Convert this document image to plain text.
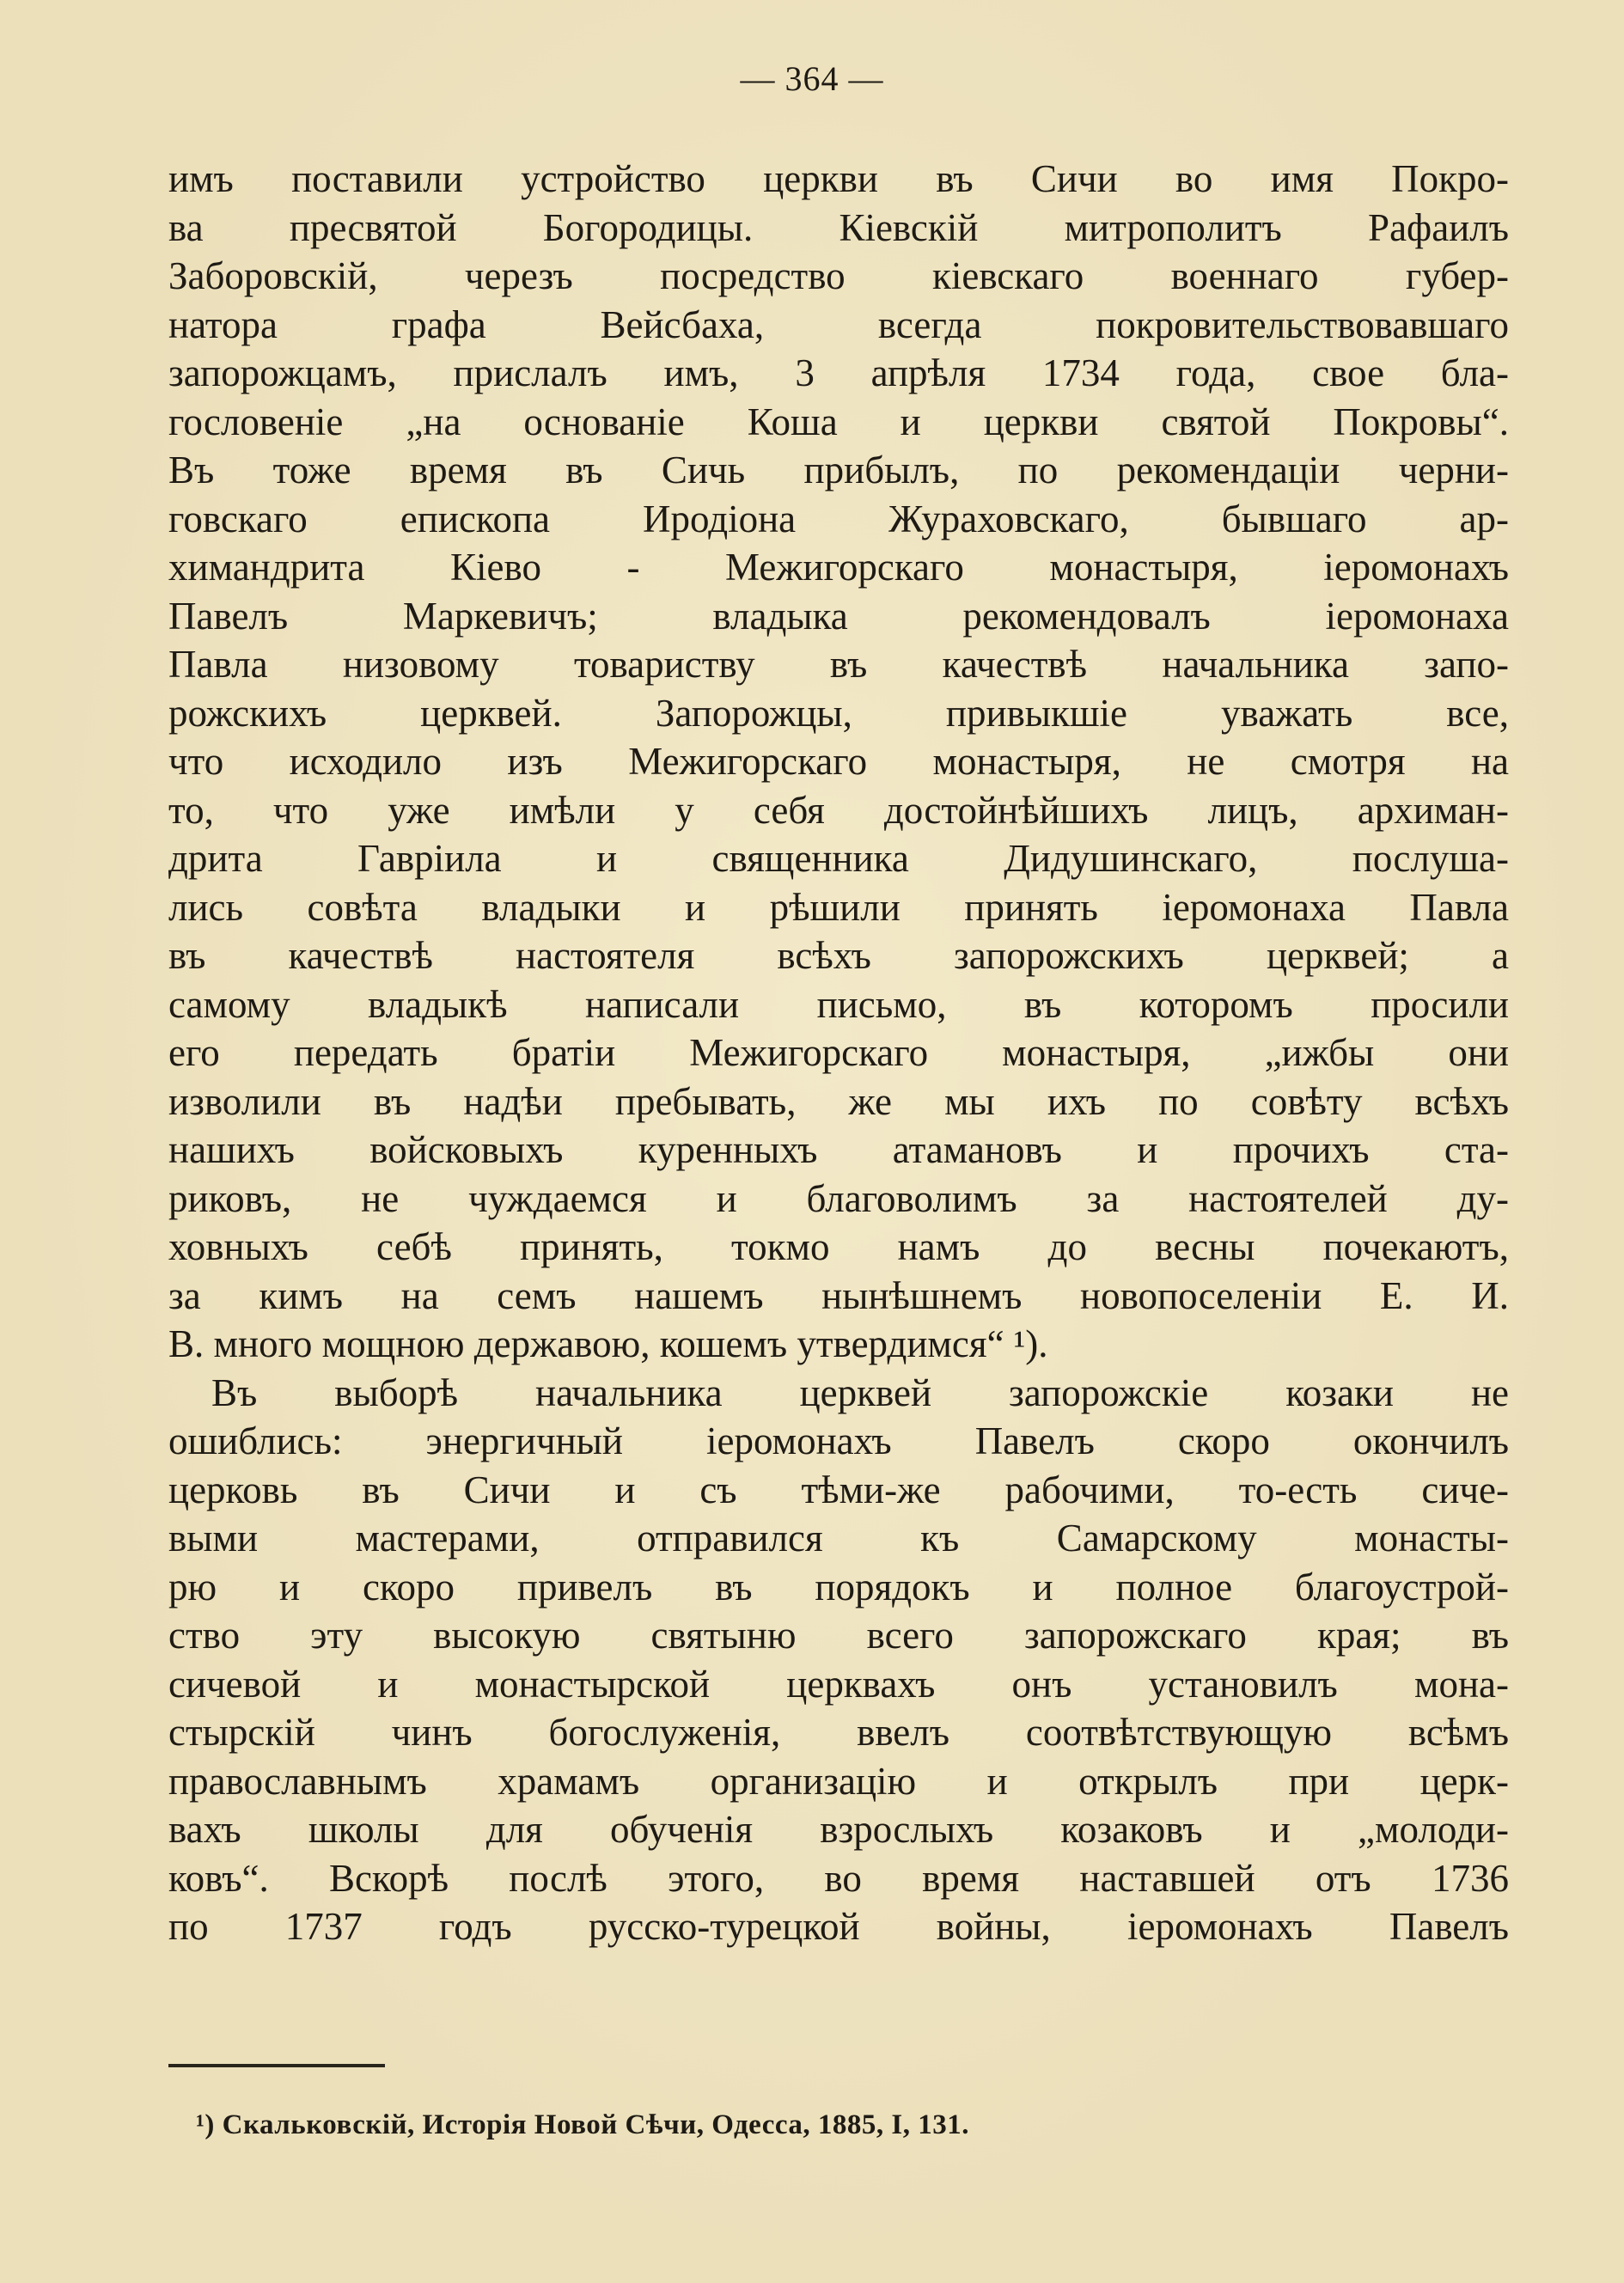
— 364 —
имъ поставили устройство церкви въ Сичи во имя Покро-
ва пресвятой Богородицы. Кіевскій митрополитъ Рафаилъ
Заборовскій, черезъ посредство кіевскаго военнаго губер-
натора графа Вейсбаха, всегда покровительствовавшаго
запорожцамъ, прислалъ имъ, 3 апрѣля 1734 года, свое бла-
гословеніе „на основаніе Коша и церкви святой Покровы“.
Въ тоже время въ Сичь прибылъ, по рекомендаціи черни-
говскаго епископа Иродіона Жураховскаго, бывшаго ар-
химандрита Кіево - Межигорскаго монастыря, іеромонахъ
Павелъ Маркевичъ; владыка рекомендовалъ іеромонаха
Павла низовому товариству въ качествѣ начальника запо-
рожскихъ церквей. Запорожцы, привыкшіе уважать все,
что исходило изъ Межигорскаго монастыря, не смотря на
то, что уже имѣли у себя достойнѣйшихъ лицъ, архиман-
дрита Гавріила и священника Дидушинскаго, послуша-
лись совѣта владыки и рѣшили принять іеромонаха Павла
въ качествѣ настоятеля всѣхъ запорожскихъ церквей; а
самому владыкѣ написали письмо, въ которомъ просили
его передать братіи Межигорскаго монастыря, „ижбы они
изволили въ надѣи пребывать, же мы ихъ по совѣту всѣхъ
нашихъ войсковыхъ куренныхъ атамановъ и прочихъ ста-
риковъ, не чуждаемся и благоволимъ за настоятелей ду-
ховныхъ себѣ принять, токмо намъ до весны почекаютъ,
за кимъ на семъ нашемъ нынѣшнемъ новопоселеніи Е. И.
В. много мощною державою, кошемъ утвердимся“ ¹).
Въ выборѣ начальника церквей запорожскіе козаки не
ошиблись: энергичный іеромонахъ Павелъ скоро окончилъ
церковь въ Сичи и съ тѣми-же рабочими, то-есть сиче-
выми мастерами, отправился къ Самарскому монасты-
рю и скоро привелъ въ порядокъ и полное благоустрой-
ство эту высокую святыню всего запорожскаго края; въ
сичевой и монастырской церквахъ онъ установилъ мона-
стырскій чинъ богослуженія, ввелъ соотвѣтствующую всѣмъ
православнымъ храмамъ организацію и открылъ при церк-
вахъ школы для обученія взрослыхъ козаковъ и „молоди-
ковъ“. Вскорѣ послѣ этого, во время наставшей отъ 1736
по 1737 годъ русско-турецкой войны, іеромонахъ Павелъ
¹) Скальковскій, Исторія Новой Сѣчи, Одесса, 1885, I, 131.
